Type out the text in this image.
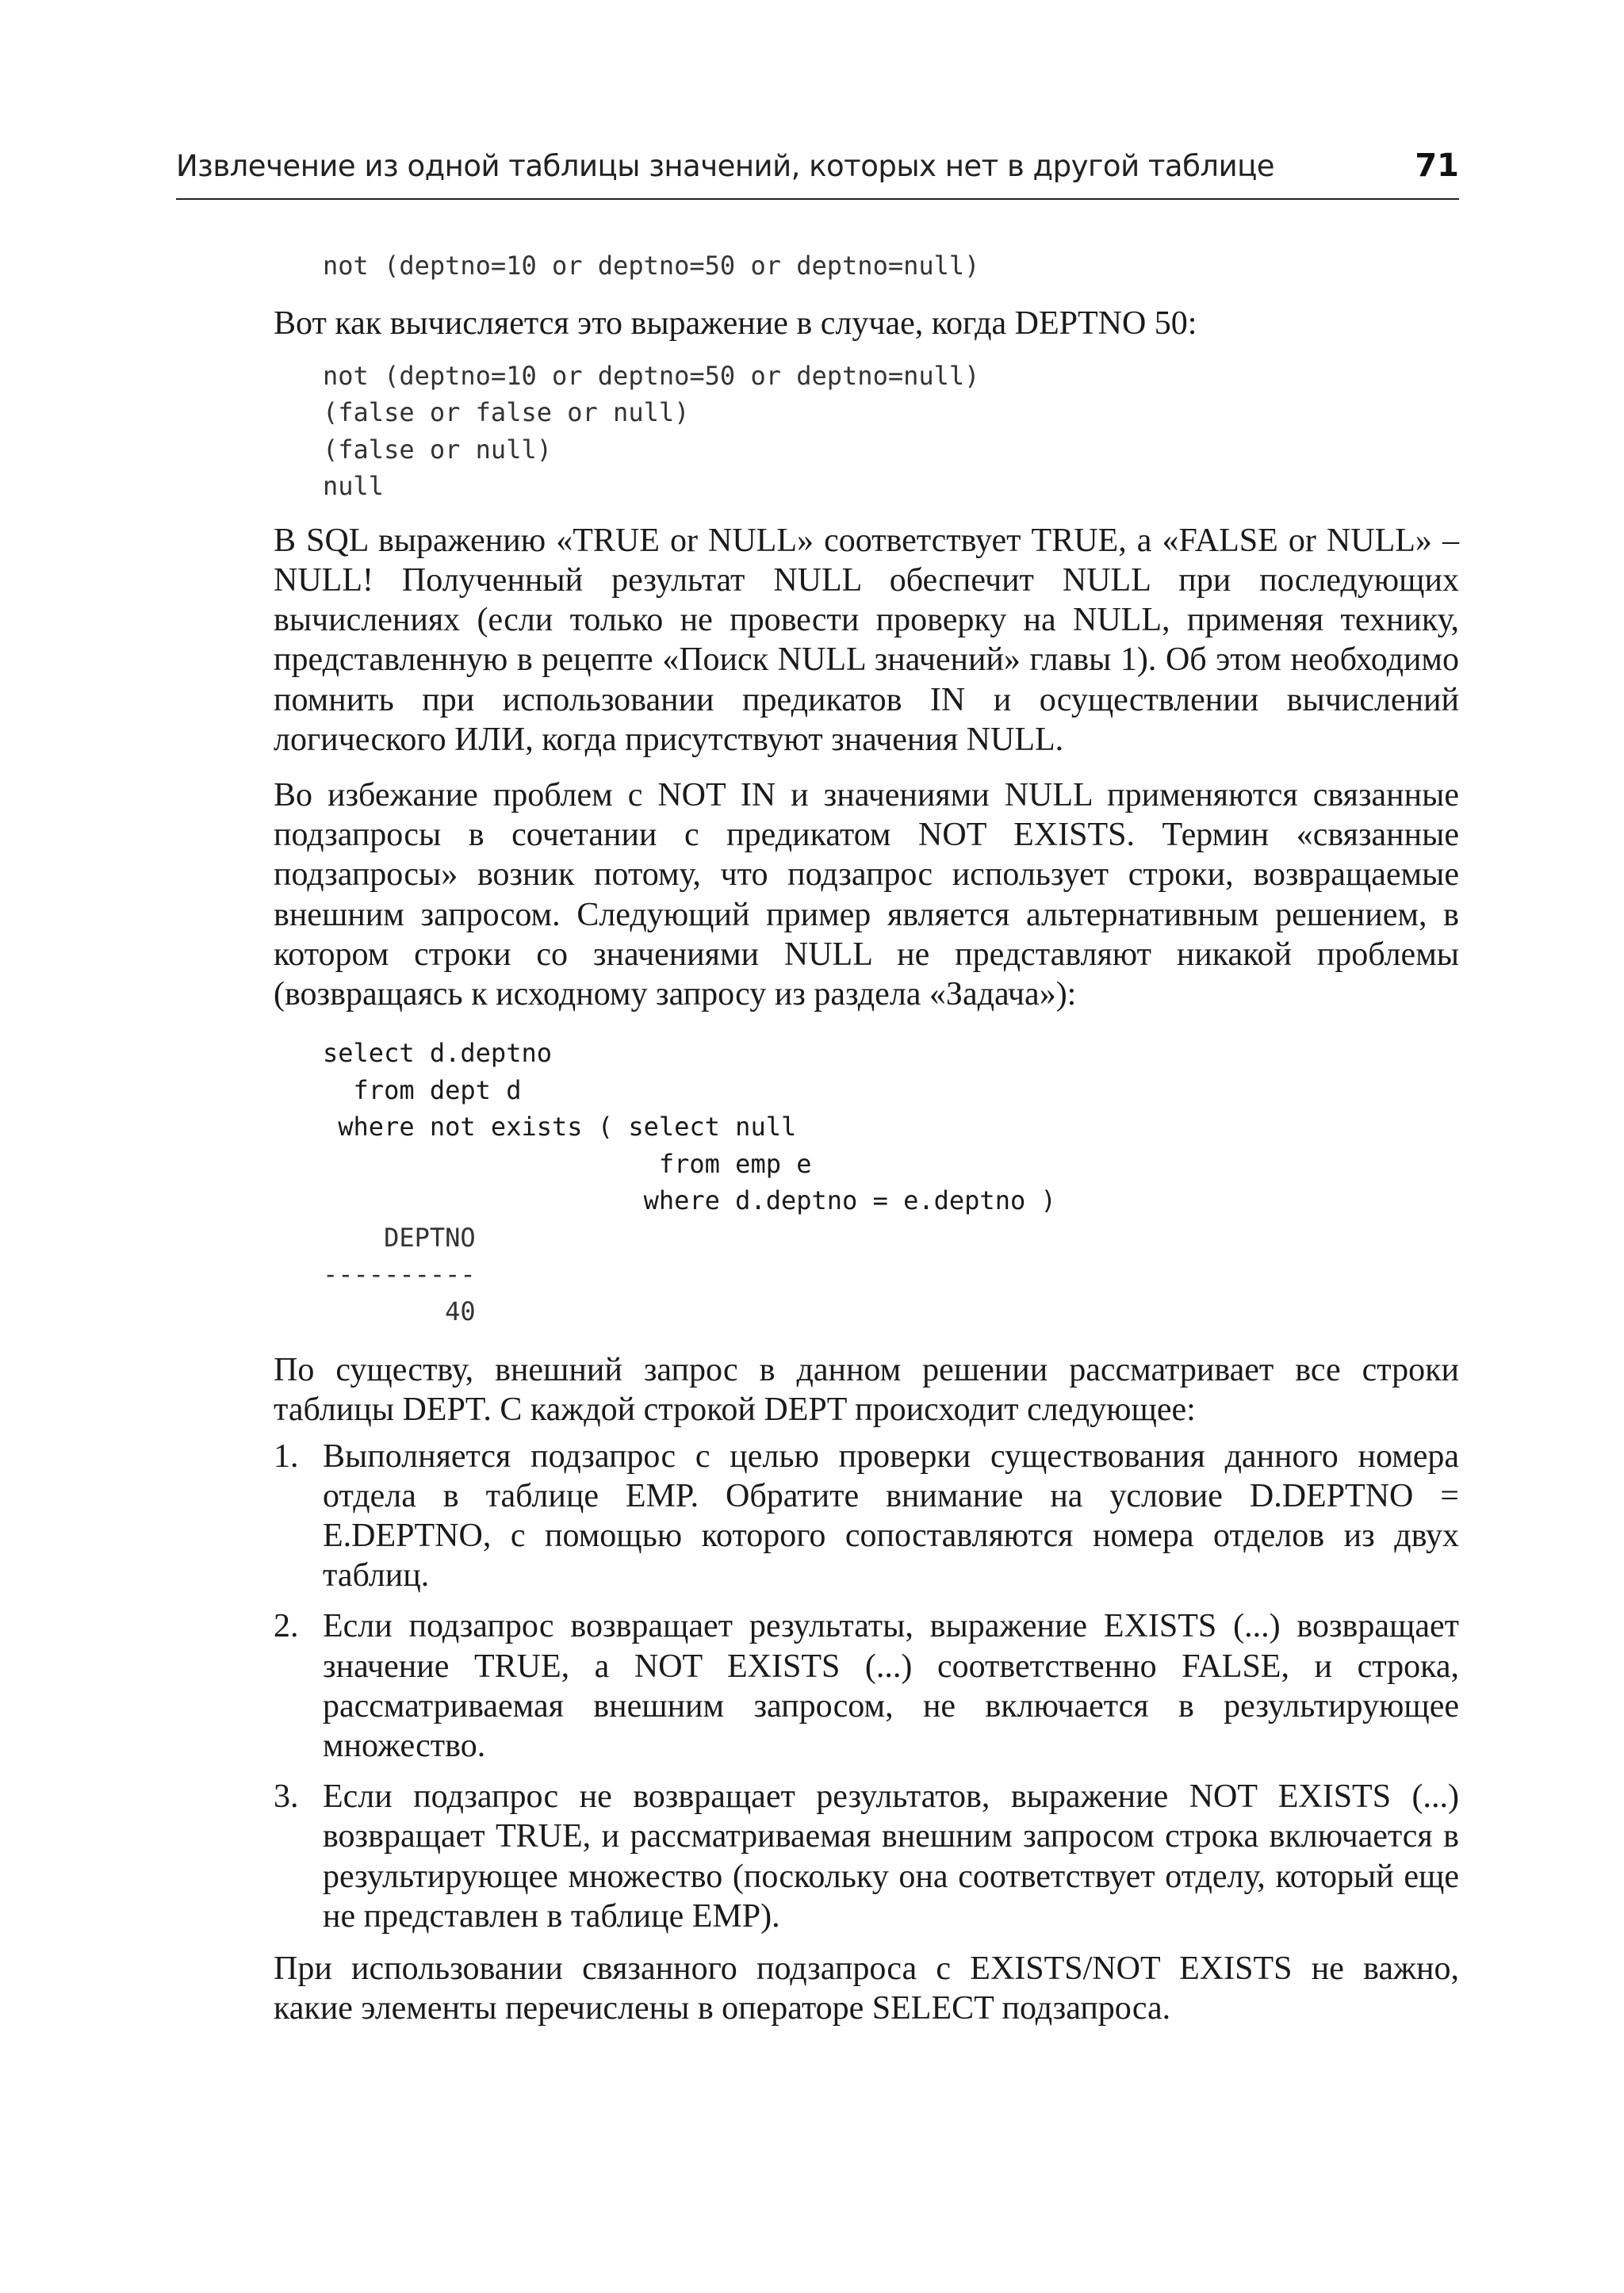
Извлечение из одной таблицы значений, которых нет в другой таблице	71
not (deptno=10 or deptno=50 or deptno=null)

Вот как вычисляется это выражение в случае, когда DEPTNO 50:

not (deptno=10 or deptno=50 or deptno=null)
(false or false or null)
(false or null)
null

В SQL выражению «TRUE or NULL» соответствует TRUE, а «FALSE or NULL» – NULL! Полученный результат NULL обеспечит NULL при последующих вычислениях (если только не провести проверку на NULL, применяя технику, представленную в рецепте «Поиск NULL значений» главы 1). Об этом необходимо помнить при использовании предикатов IN и осуществлении вычислений логического ИЛИ, когда присутствуют значения NULL.

Во избежание проблем с NOT IN и значениями NULL применяются связанные подзапросы в сочетании с предикатом NOT EXISTS. Термин «связанные подзапросы» возник потому, что подзапрос использует строки, возвращаемые внешним запросом. Следующий пример является альтернативным решением, в котором строки со значениями NULL не представляют никакой проблемы (возвращаясь к исходному запросу из раздела «Задача»):

select d.deptno
from dept d
where not exists ( select null
from emp e
where d.deptno = e.deptno )
DEPTNO
----------
40

По существу, внешний запрос в данном решении рассматривает все строки таблицы DEPT. С каждой строкой DEPT происходит следующее:

1. Выполняется подзапрос с целью проверки существования данного номера отдела в таблице EMP. Обратите внимание на условие D.DEPTNO = E.DEPTNO, с помощью которого сопоставляются номера отделов из двух таблиц.

2. Если подзапрос возвращает результаты, выражение EXISTS (...) возвращает значение TRUE, а NOT EXISTS (...) соответственно FALSE, и строка, рассматриваемая внешним запросом, не включается в результирующее множество.

3. Если подзапрос не возвращает результатов, выражение NOT EXISTS (...) возвращает TRUE, и рассматриваемая внешним запросом строка включается в результирующее множество (поскольку она соответствует отделу, который еще не представлен в таблице EMP).

При использовании связанного подзапроса с EXISTS/NOT EXISTS не важно, какие элементы перечислены в операторе SELECT подзапроса.
